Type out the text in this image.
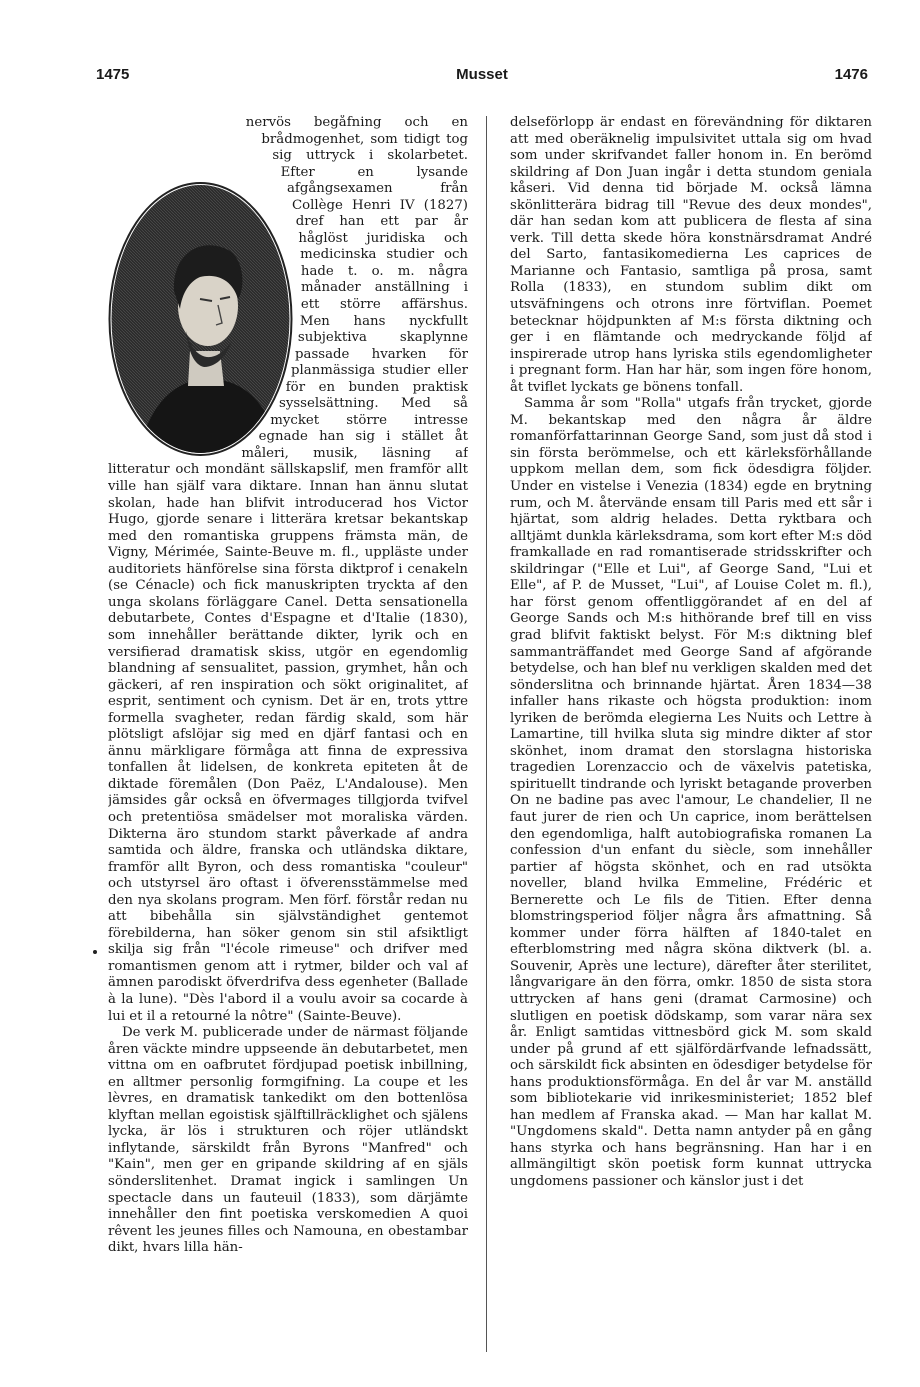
1475	Musset	1476

nervös begåfning och en brådmogenhet, som tidigt tog sig uttryck i skolarbetet. Efter en lysande afgångsexamen från Collège Henri IV (1827) dref han ett par år håglöst juridiska och medicinska studier och hade t. o. m. några månader anställning i ett större affärshus. Men hans nyckfullt subjektiva skaplynne passade hvarken för planmässiga studier eller för en bunden praktisk sysselsättning. Med så mycket större intresse egnade han sig i stället åt måleri, musik, läsning af litteratur och mondänt sällskapslif, men framför allt ville han själf vara diktare. Innan han ännu slutat skolan, hade han blifvit introducerad hos Victor Hugo, gjorde senare i litterära kretsar bekantskap med den romantiska gruppens främsta män, de Vigny, Mérimée, Sainte-Beuve m. fl., uppläste under auditoriets hänförelse sina första diktprof i cenakeln (se Cénacle) och fick manuskripten tryckta af den unga skolans förläggare Canel. Detta sensationella debutarbete, Contes d'Espagne et d'Italie (1830), som innehåller berättande dikter, lyrik och en versifierad dramatisk skiss, utgör en egendomlig blandning af sensualitet, passion, grymhet, hån och gäckeri, af ren inspiration och sökt originalitet, af esprit, sentiment och cynism. Det är en, trots yttre formella svagheter, redan färdig skald, som här plötsligt afslöjar sig med en djärf fantasi och en ännu märkligare förmåga att finna de expressiva tonfallen åt lidelsen, de konkreta epiteten åt de diktade föremålen (Don Paëz, L'Andalouse). Men jämsides går också en öfvermages tillgjorda tvifvel och pretentiösa smädelser mot moraliska värden. Dikterna äro stundom starkt påverkade af andra samtida och äldre, franska och utländska diktare, framför allt Byron, och dess romantiska "couleur" och utstyrsel äro oftast i öfverensstämmelse med den nya skolans program. Men förf. förstår redan nu att bibehålla sin självständighet gentemot förebilderna, han söker genom sin stil afsiktligt skilja sig från "l'école rimeuse" och drifver med romantismen genom att i rytmer, bilder och val af ämnen parodiskt öfverdrifva dess egenheter (Ballade à la lune). "Dès l'abord il a voulu avoir sa cocarde à lui et il a retourné la nôtre" (Sainte-Beuve).

De verk M. publicerade under de närmast följande åren väckte mindre uppseende än debutarbetet, men vittna om en oafbrutet fördjupad poetisk inbillning, en alltmer personlig formgifning. La coupe et les lèvres, en dramatisk tankedikt om den bottenlösa klyftan mellan egoistisk själftillräcklighet och själens lycka, är lös i strukturen och röjer utländskt inflytande, särskildt från Byrons "Manfred" och "Kain", men ger en gripande skildring af en själs sönderslitenhet. Dramat ingick i samlingen Un spectacle dans un fauteuil (1833), som därjämte innehåller den fint poetiska verskomedien A quoi rêvent les jeunes filles och Namouna, en obestambar dikt, hvars lilla hän-

delseförlopp är endast en förevändning för diktaren att med oberäknelig impulsivitet uttala sig om hvad som under skrifvandet faller honom in. En berömd skildring af Don Juan ingår i detta stundom geniala kåseri. Vid denna tid började M. också lämna skönlitterära bidrag till "Revue des deux mondes", där han sedan kom att publicera de flesta af sina verk. Till detta skede höra konstnärsdramat André del Sarto, fantasikomedierna Les caprices de Marianne och Fantasio, samtliga på prosa, samt Rolla (1833), en stundom sublim dikt om utsväfningens och otrons inre förtviflan. Poemet betecknar höjdpunkten af M:s första diktning och ger i en flämtande och medryckande följd af inspirerade utrop hans lyriska stils egendomligheter i pregnant form. Han har här, som ingen före honom, åt tviflet lyckats ge bönens tonfall.

Samma år som "Rolla" utgafs från trycket, gjorde M. bekantskap med den några år äldre romanförfattarinnan George Sand, som just då stod i sin första berömmelse, och ett kärleksförhållande uppkom mellan dem, som fick ödesdigra följder. Under en vistelse i Venezia (1834) egde en brytning rum, och M. återvände ensam till Paris med ett sår i hjärtat, som aldrig helades. Detta ryktbara och alltjämt dunkla kärleksdrama, som kort efter M:s död framkallade en rad romantiserade stridsskrifter och skildringar ("Elle et Lui", af George Sand, "Lui et Elle", af P. de Musset, "Lui", af Louise Colet m. fl.), har först genom offentliggörandet af en del af George Sands och M:s hithörande bref till en viss grad blifvit faktiskt belyst. För M:s diktning blef sammanträffandet med George Sand af afgörande betydelse, och han blef nu verkligen skalden med det sönderslitna och brinnande hjärtat. Åren 1834—38 infaller hans rikaste och högsta produktion: inom lyriken de berömda elegierna Les Nuits och Lettre à Lamartine, till hvilka sluta sig mindre dikter af stor skönhet, inom dramat den storslagna historiska tragedien Lorenzaccio och de växelvis patetiska, spirituellt tindrande och lyriskt betagande proverben On ne badine pas avec l'amour, Le chandelier, Il ne faut jurer de rien och Un caprice, inom berättelsen den egendomliga, halft autobiografiska romanen La confession d'un enfant du siècle, som innehåller partier af högsta skönhet, och en rad utsökta noveller, bland hvilka Emmeline, Frédéric et Bernerette och Le fils de Titien. Efter denna blomstringsperiod följer några års afmattning. Så kommer under förra hälften af 1840-talet en efterblomstring med några sköna diktverk (bl. a. Souvenir, Après une lecture), därefter åter sterilitet, långvarigare än den förra, omkr. 1850 de sista stora uttrycken af hans geni (dramat Carmosine) och slutligen en poetisk dödskamp, som varar nära sex år. Enligt samtidas vittnesbörd gick M. som skald under på grund af ett själfördärfvande lefnadssätt, och särskildt fick absinten en ödesdiger betydelse för hans produktionsförmåga. En del år var M. anställd som bibliotekarie vid inrikesministeriet; 1852 blef han medlem af Franska akad. — Man har kallat M. "Ungdomens skald". Detta namn antyder på en gång hans styrka och hans begränsning. Han har i en allmängiltigt skön poetisk form kunnat uttrycka ungdomens passioner och känslor just i det
